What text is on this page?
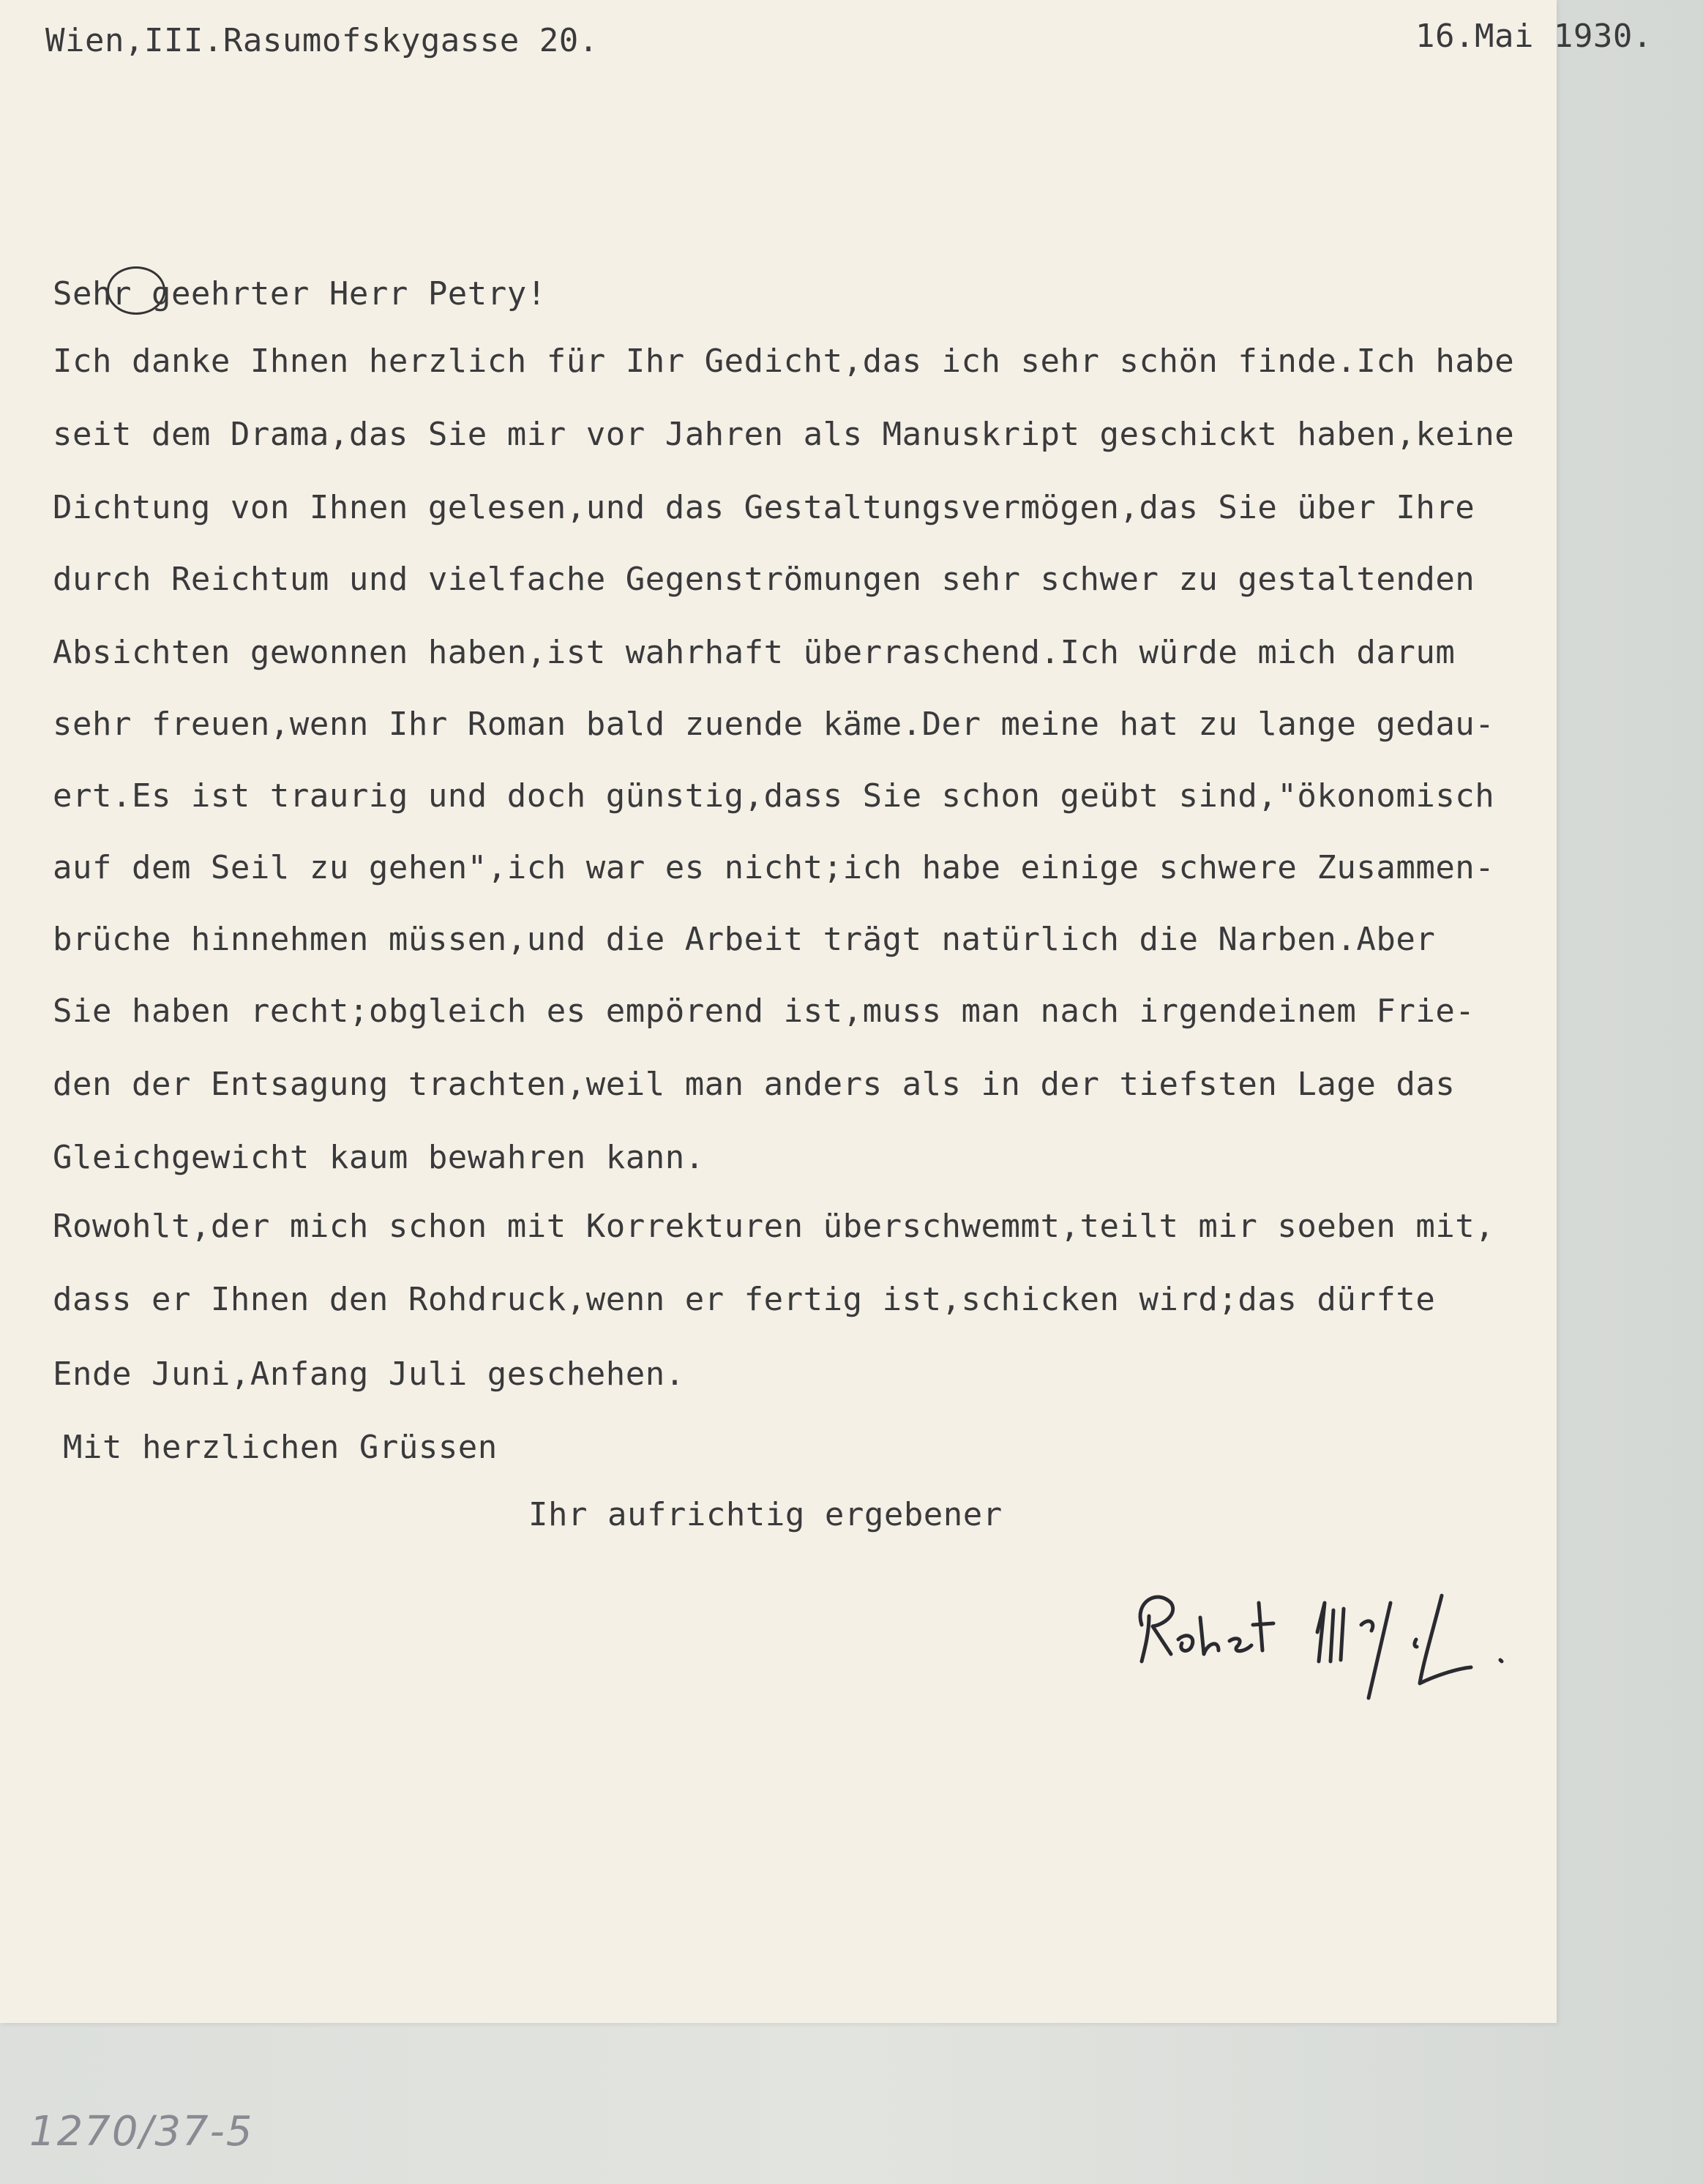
Wien,III.Rasumofskygasse 20.	16.Mai 1930.

Sehr geehrter Herr Petry!

Ich danke Ihnen herzlich für Ihr Gedicht,das ich sehr schön finde.Ich habe

seit dem Drama,das Sie mir vor Jahren als Manuskript geschickt haben,keine

Dichtung von Ihnen gelesen,und das Gestaltungsvermögen,das Sie über Ihre

durch Reichtum und vielfache Gegenströmungen sehr schwer zu gestaltenden

Absichten gewonnen haben,ist wahrhaft überraschend.Ich würde mich darum

sehr freuen,wenn Ihr Roman bald zuende käme.Der meine hat zu lange gedau-

ert.Es ist traurig und doch günstig,dass Sie schon geübt sind,"ökonomisch

auf dem Seil zu gehen",ich war es nicht;ich habe einige schwere Zusammen-

brüche hinnehmen müssen,und die Arbeit trägt natürlich die Narben.Aber

Sie haben recht;obgleich es empörend ist,muss man nach irgendeinem Frie-

den der Entsagung trachten,weil man anders als in der tiefsten Lage das

Gleichgewicht kaum bewahren kann.

Rowohlt,der mich schon mit Korrekturen überschwemmt,teilt mir soeben mit,

dass er Ihnen den Rohdruck,wenn er fertig ist,schicken wird;das dürfte

Ende Juni,Anfang Juli geschehen.

Mit herzlichen Grüssen

Ihr aufrichtig ergebener

1270/37-5
